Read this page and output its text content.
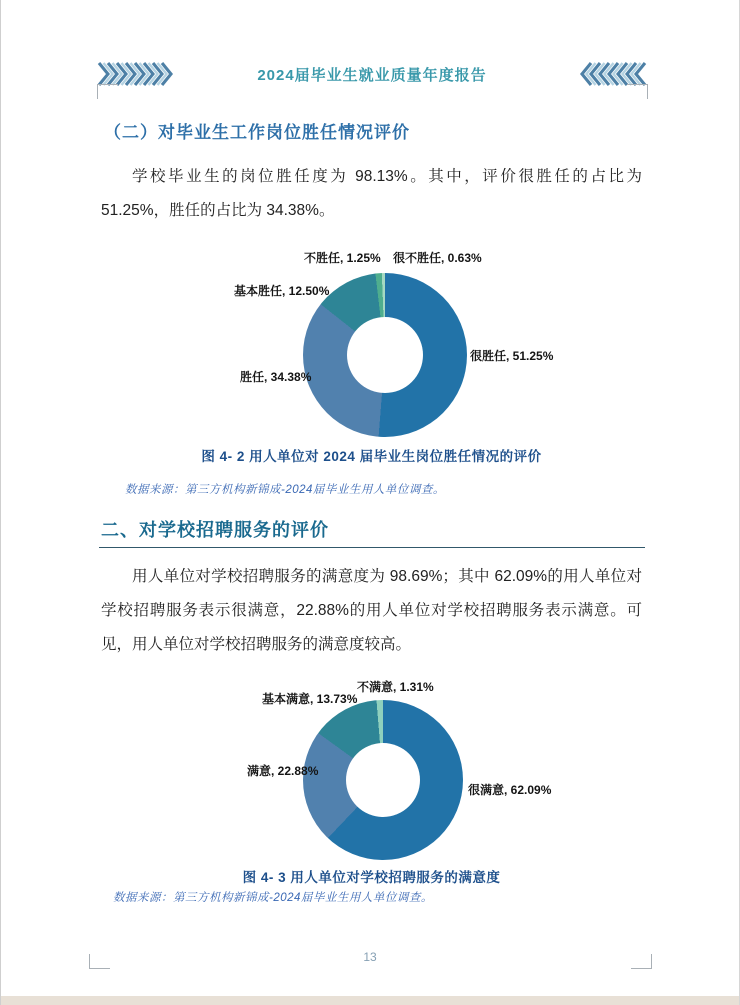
2024届毕业生就业质量年度报告
（二）对毕业生工作岗位胜任情况评价
学校毕业生的岗位胜任度为 98.13%。其中，评价很胜任的占比为 51.25%，胜任的占比为 34.38%。
很胜任, 51.25%
胜任, 34.38%
基本胜任, 12.50%
不胜任, 1.25% 很不胜任, 0.63%
图 4- 2 用人单位对 2024 届毕业生岗位胜任情况的评价
数据来源：第三方机构新锦成-2024届毕业生用人单位调查。
二、对学校招聘服务的评价
用人单位对学校招聘服务的满意度为 98.69%；其中 62.09%的用人单位对学校招聘服务表示很满意，22.88%的用人单位对学校招聘服务表示满意。可见，用人单位对学校招聘服务的满意度较高。
很满意, 62.09%
满意, 22.88%
基本满意, 13.73%
不满意, 1.31%
图 4- 3 用人单位对学校招聘服务的满意度
数据来源：第三方机构新锦成-2024届毕业生用人单位调查。
13
